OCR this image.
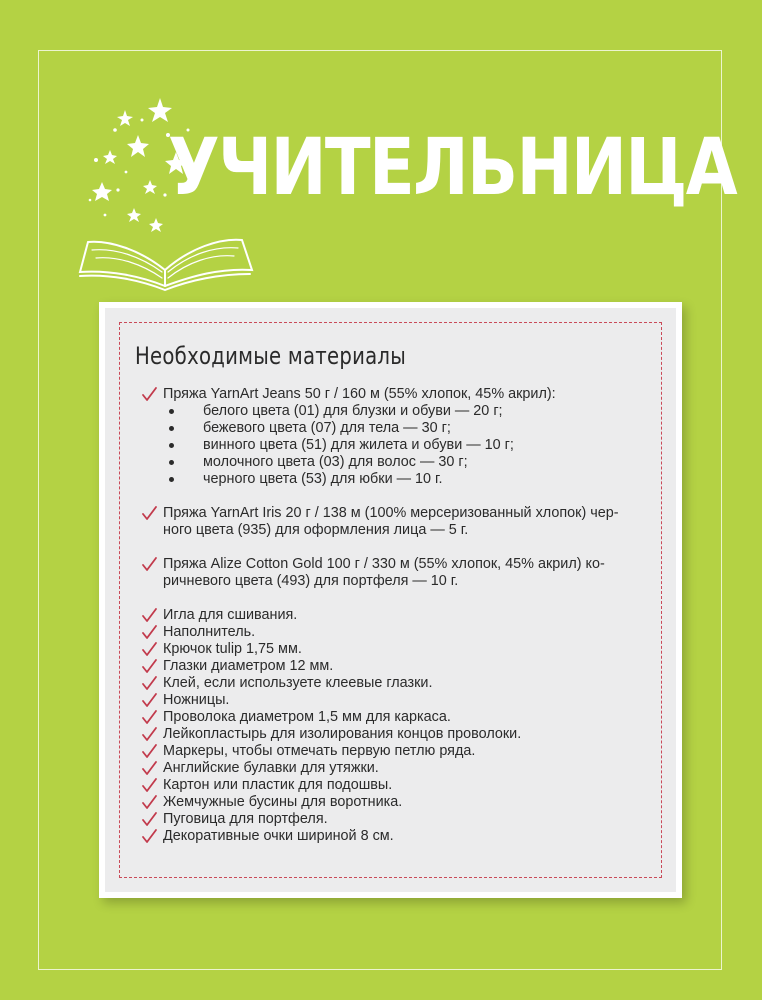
УЧИТЕЛЬНИЦА
Необходимые материалы

Пряжа YarnArt Jeans 50 г / 160 м (55% хлопок, 45% акрил):

белого цвета (01) для блузки и обуви — 20 г;
бежевого цвета (07) для тела — 30 г;
винного цвета (51) для жилета и обуви — 10 г;
молочного цвета (03) для волос — 30 г;
черного цвета (53) для юбки — 10 г.

Пряжа YarnArt Iris 20 г / 138 м (100% мерсеризованный хлопок) чер-

ного цвета (935) для оформления лица — 5 г.

Пряжа Alize Cotton Gold 100 г / 330 м (55% хлопок, 45% акрил) ко-

ричневого цвета (493) для портфеля — 10 г.

Игла для сшивания.

Наполнитель.

Крючок tulip 1,75 мм.

Глазки диаметром 12 мм.

Клей, если используете клеевые глазки.

Ножницы.

Проволока диаметром 1,5 мм для каркаса.

Лейкопластырь для изолирования концов проволоки.

Маркеры, чтобы отмечать первую петлю ряда.

Английские булавки для утяжки.

Картон или пластик для подошвы.

Жемчужные бусины для воротника.

Пуговица для портфеля.

Декоративные очки шириной 8 см.
